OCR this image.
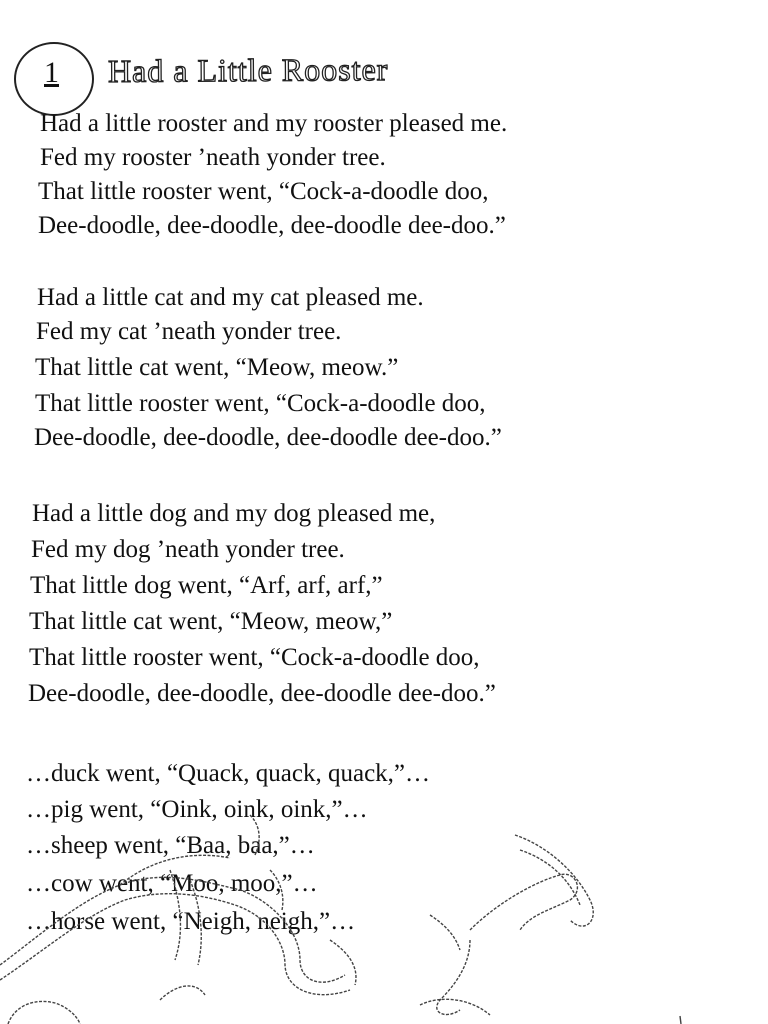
1 Had a Little Rooster
Had a little rooster and my rooster pleased me.
Fed my rooster ’neath yonder tree.
That little rooster went, “Cock-a-doodle doo,
Dee-doodle, dee-doodle, dee-doodle dee-doo.”
Had a little cat and my cat pleased me.
Fed my cat ’neath yonder tree.
That little cat went, “Meow, meow.”
That little rooster went, “Cock-a-doodle doo,
Dee-doodle, dee-doodle, dee-doodle dee-doo.”
Had a little dog and my dog pleased me,
Fed my dog ’neath yonder tree.
That little dog went, “Arf, arf, arf,”
That little cat went, “Meow, meow,”
That little rooster went, “Cock-a-doodle doo,
Dee-doodle, dee-doodle, dee-doodle dee-doo.”
…duck went, “Quack, quack, quack,”…
…pig went, “Oink, oink, oink,”…
…sheep went, “Baa, baa,”…
…cow went, “Moo, moo,”…
…horse went, “Neigh, neigh,”…
